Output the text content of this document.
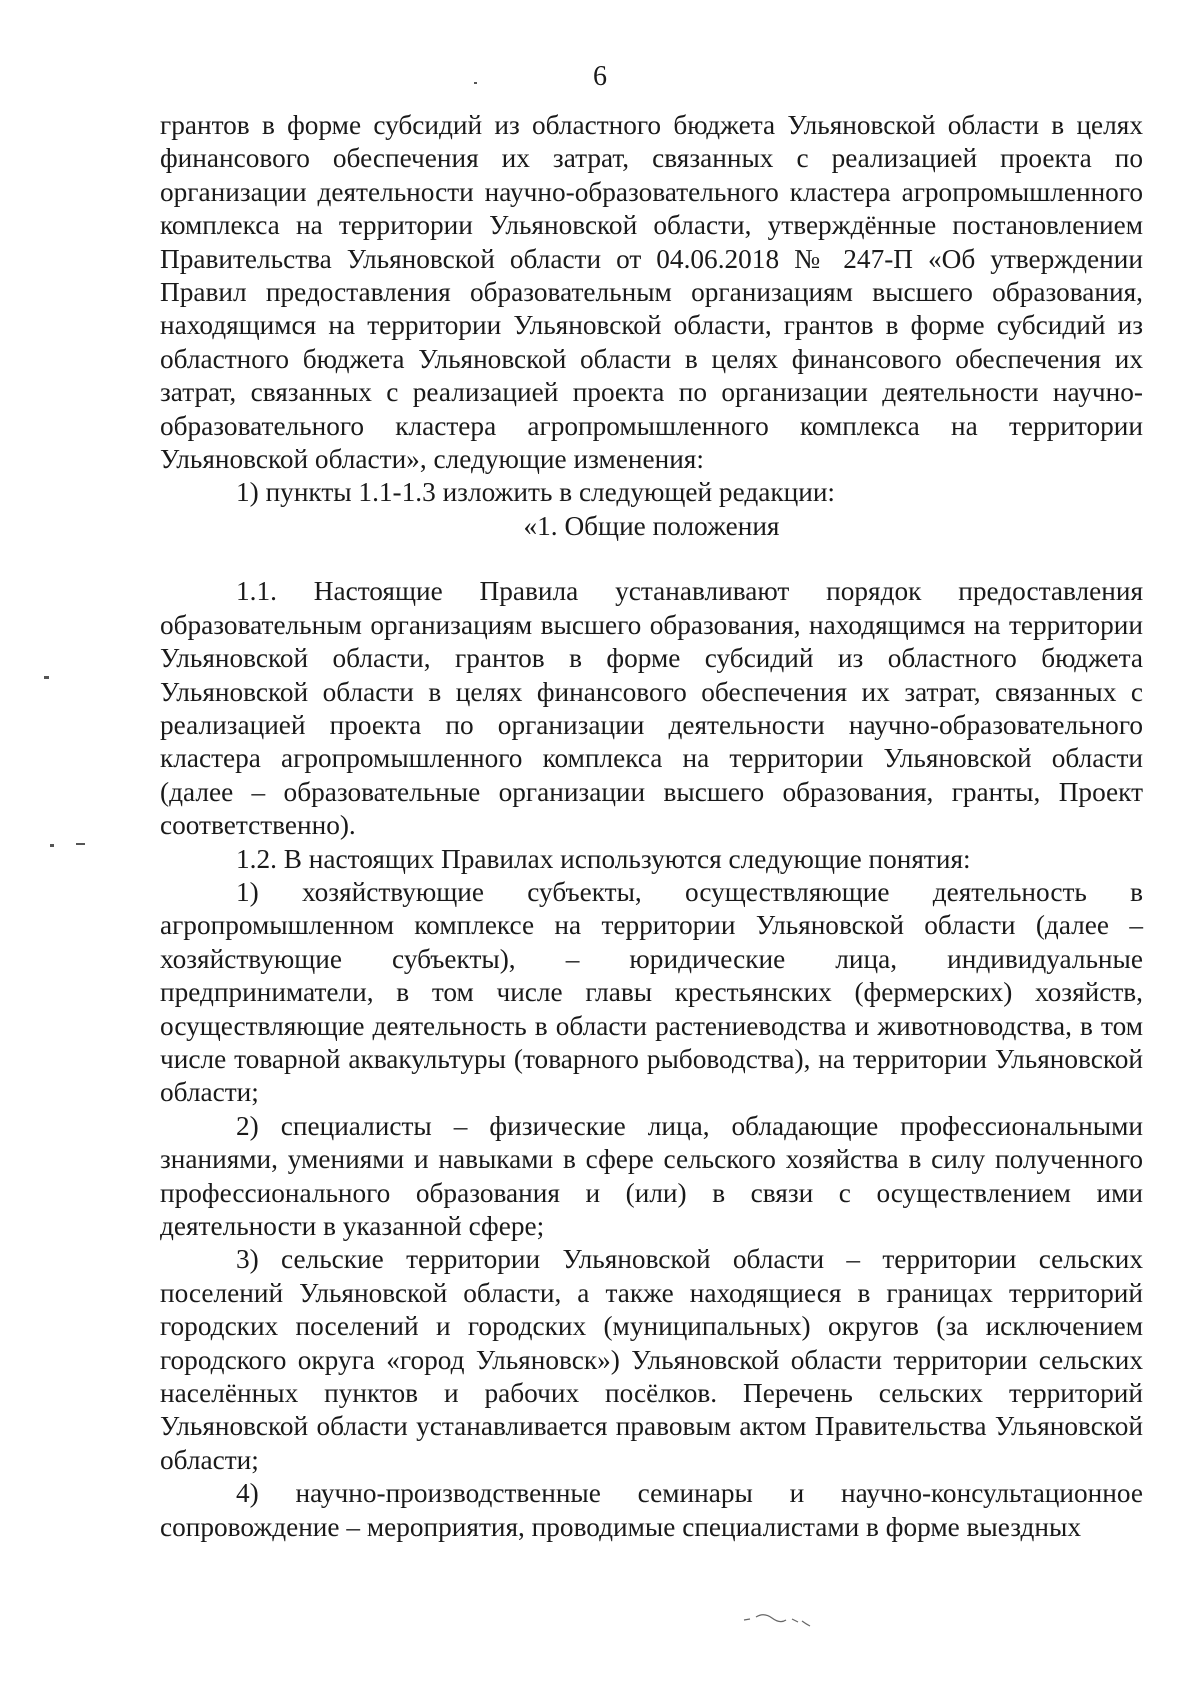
6

грантов в форме субсидий из областного бюджета Ульяновской области в целях финансового обеспечения их затрат, связанных с реализацией проекта по организации деятельности научно-образовательного кластера агропромышленного комплекса на территории Ульяновской области, утверждённые постановлением Правительства Ульяновской области от 04.06.2018 № 247-П «Об утверждении Правил предоставления образовательным организациям высшего образования, находящимся на территории Ульяновской области, грантов в форме субсидий из областного бюджета Ульяновской области в целях финансового обеспечения их затрат, связанных с реализацией проекта по организации деятельности научно-образовательного кластера агропромышленного комплекса на территории Ульяновской области», следующие изменения:

1) пункты 1.1-1.3 изложить в следующей редакции:

«1. Общие положения

1.1. Настоящие Правила устанавливают порядок предоставления образовательным организациям высшего образования, находящимся на территории Ульяновской области, грантов в форме субсидий из областного бюджета Ульяновской области в целях финансового обеспечения их затрат, связанных с реализацией проекта по организации деятельности научно-образовательного кластера агропромышленного комплекса на территории Ульяновской области (далее – образовательные организации высшего образования, гранты, Проект соответственно).

1.2. В настоящих Правилах используются следующие понятия:

1) хозяйствующие субъекты, осуществляющие деятельность в агропромышленном комплексе на территории Ульяновской области (далее – хозяйствующие субъекты), – юридические лица, индивидуальные предприниматели, в том числе главы крестьянских (фермерских) хозяйств, осуществляющие деятельность в области растениеводства и животноводства, в том числе товарной аквакультуры (товарного рыбоводства), на территории Ульяновской области;

2) специалисты – физические лица, обладающие профессиональными знаниями, умениями и навыками в сфере сельского хозяйства в силу полученного профессионального образования и (или) в связи с осуществлением ими деятельности в указанной сфере;

3) сельские территории Ульяновской области – территории сельских поселений Ульяновской области, а также находящиеся в границах территорий городских поселений и городских (муниципальных) округов (за исключением городского округа «город Ульяновск») Ульяновской области территории сельских населённых пунктов и рабочих посёлков. Перечень сельских территорий Ульяновской области устанавливается правовым актом Правительства Ульяновской области;

4) научно-производственные семинары и научно-консультационное сопровождение – мероприятия, проводимые специалистами в форме выездных
